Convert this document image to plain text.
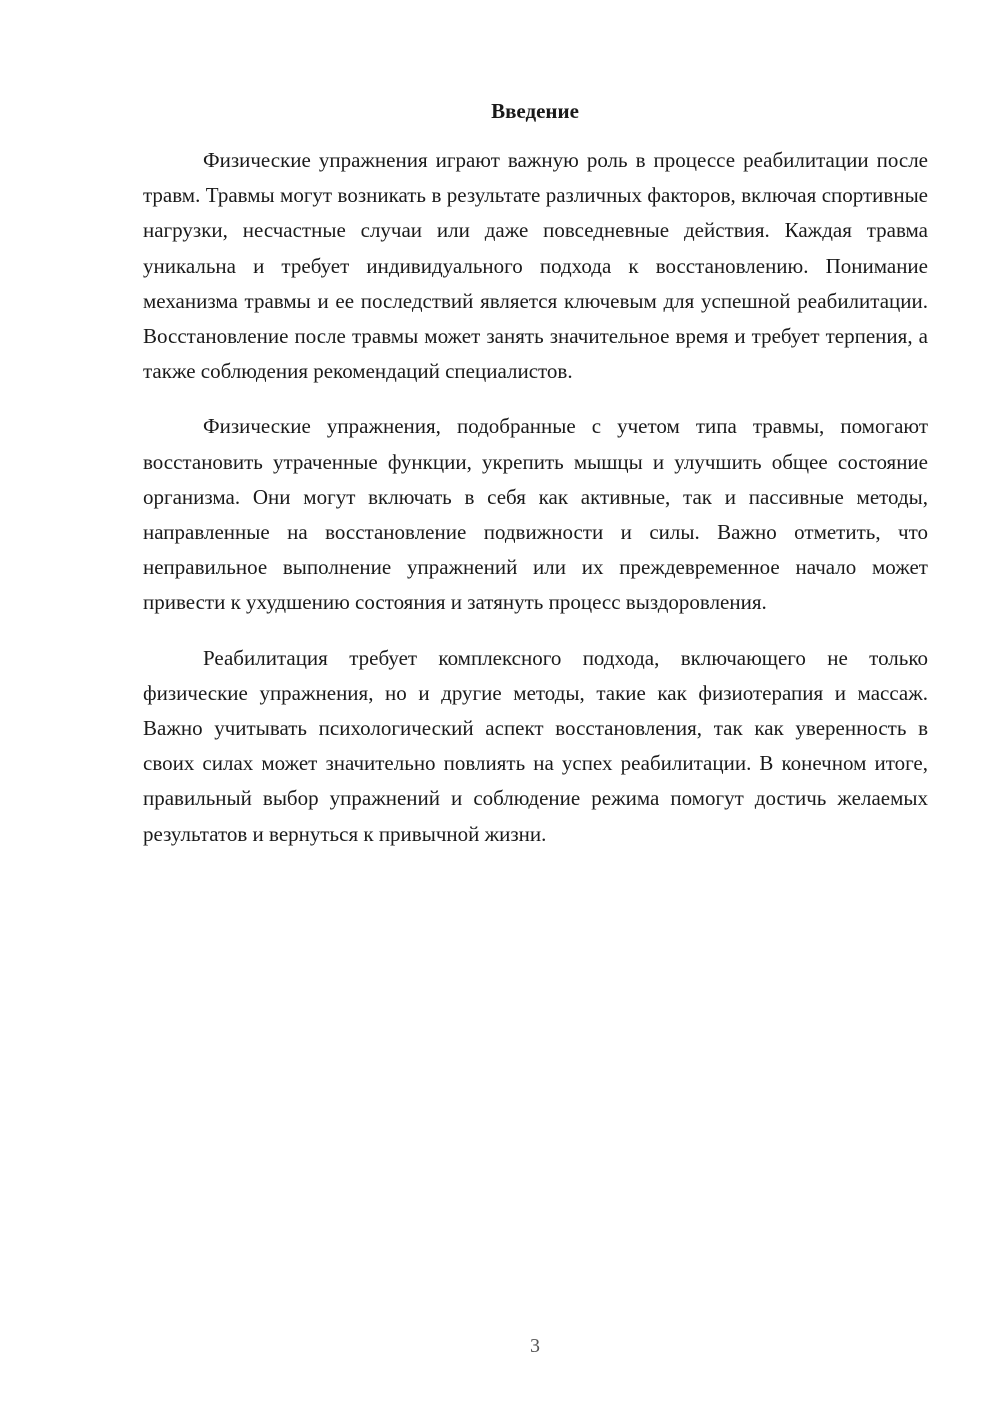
Введение

Физические упражнения играют важную роль в процессе реабилитации после травм. Травмы могут возникать в результате различных факторов, включая спортивные нагрузки, несчастные случаи или даже повседневные действия. Каждая травма уникальна и требует индивидуального подхода к восстановлению. Понимание механизма травмы и ее последствий является ключевым для успешной реабилитации. Восстановление после травмы может занять значительное время и требует терпения, а также соблюдения рекомендаций специалистов.

Физические упражнения, подобранные с учетом типа травмы, помогают восстановить утраченные функции, укрепить мышцы и улучшить общее состояние организма. Они могут включать в себя как активные, так и пассивные методы, направленные на восстановление подвижности и силы. Важно отметить, что неправильное выполнение упражнений или их преждевременное начало может привести к ухудшению состояния и затянуть процесс выздоровления.

Реабилитация требует комплексного подхода, включающего не только физические упражнения, но и другие методы, такие как физиотерапия и массаж. Важно учитывать психологический аспект восстановления, так как уверенность в своих силах может значительно повлиять на успех реабилитации. В конечном итоге, правильный выбор упражнений и соблюдение режима помогут достичь желаемых результатов и вернуться к привычной жизни.

3
